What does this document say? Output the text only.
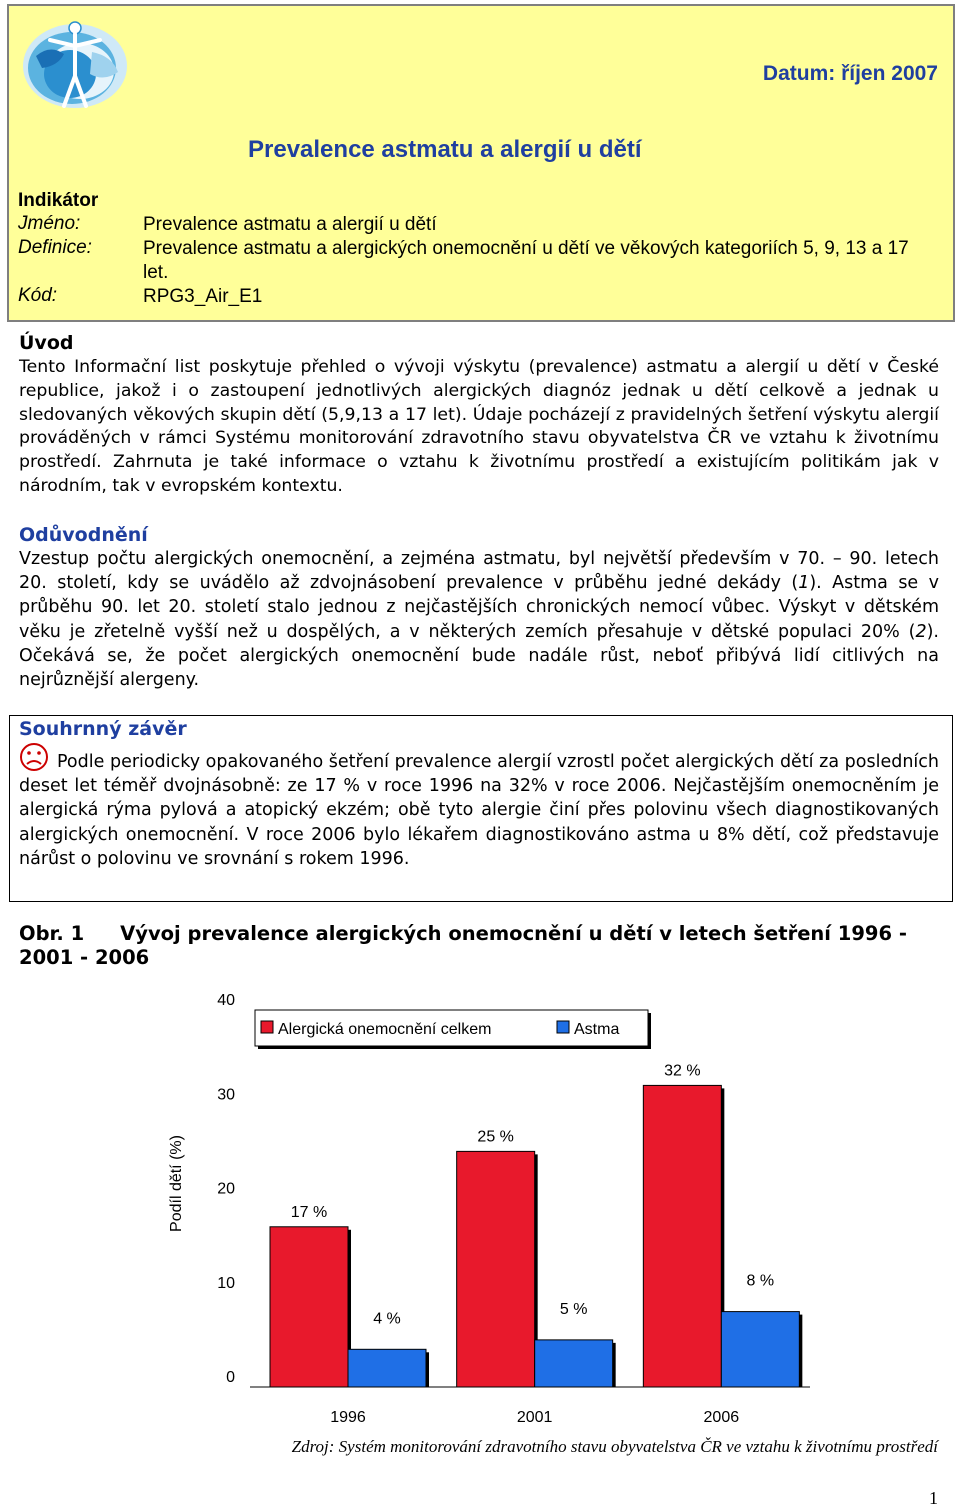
Datum: říjen 2007
Prevalence astmatu a alergií u dětí
Indikátor
Jméno:	Prevalence astmatu a alergií u dětí
Definice:	Prevalence astmatu a alergických onemocnění u dětí ve věkových kategoriích 5, 9, 13 a 17 let.
Kód:	RPG3_Air_E1
Úvod

Tento Informační list poskytuje přehled o vývoji výskytu (prevalence) astmatu a alergií u dětí v České republice, jakož i o zastoupení jednotlivých alergických diagnóz jednak u dětí celkově a jednak u sledovaných věkových skupin dětí (5,9,13 a 17 let). Údaje pocházejí z pravidelných šetření výskytu alergií prováděných v rámci Systému monitorování zdravotního stavu obyvatelstva ČR ve vztahu k životnímu prostředí. Zahrnuta je také informace o vztahu k životnímu prostředí a existujícím politikám jak v národním, tak v evropském kontextu.

Odůvodnění

Vzestup počtu alergických onemocnění, a zejména astmatu, byl největší především v 70. – 90. letech 20. století, kdy se uvádělo až zdvojnásobení prevalence v průběhu jedné dekády (1). Astma se v průběhu 90. let 20. století stalo jednou z nejčastějších chronických nemocí vůbec. Výskyt v dětském věku je zřetelně vyšší než u dospělých, a v některých zemích přesahuje v dětské populaci 20% (2). Očekává se, že počet alergických onemocnění bude nadále růst, neboť přibývá lidí citlivých na nejrůznější alergeny.

Souhrnný závěr

Podle periodicky opakovaného šetření prevalence alergií vzrostl počet alergických dětí za posledních deset let téměř dvojnásobně: ze 17 % v roce 1996 na 32% v roce 2006. Nejčastějším onemocněním je alergická rýma pylová a atopický ekzém; obě tyto alergie činí přes polovinu všech diagnostikovaných alergických onemocnění. V roce 2006 bylo lékařem diagnostikováno astma u 8% dětí, což představuje nárůst o polovinu ve srovnání s rokem 1996.

Obr. 1 Vývoj prevalence alergických onemocnění u dětí v letech šetření 1996 - 2001 - 2006

Podíl dětí (%)
0
10
20
30
40
17 %
4 %
1996
25 %
5 %
2001
32 %
8 %
2006
Alergická onemocnění celkem	Astma
Zdroj: Systém monitorování zdravotního stavu obyvatelstva ČR ve vztahu k životnímu prostředí
1
